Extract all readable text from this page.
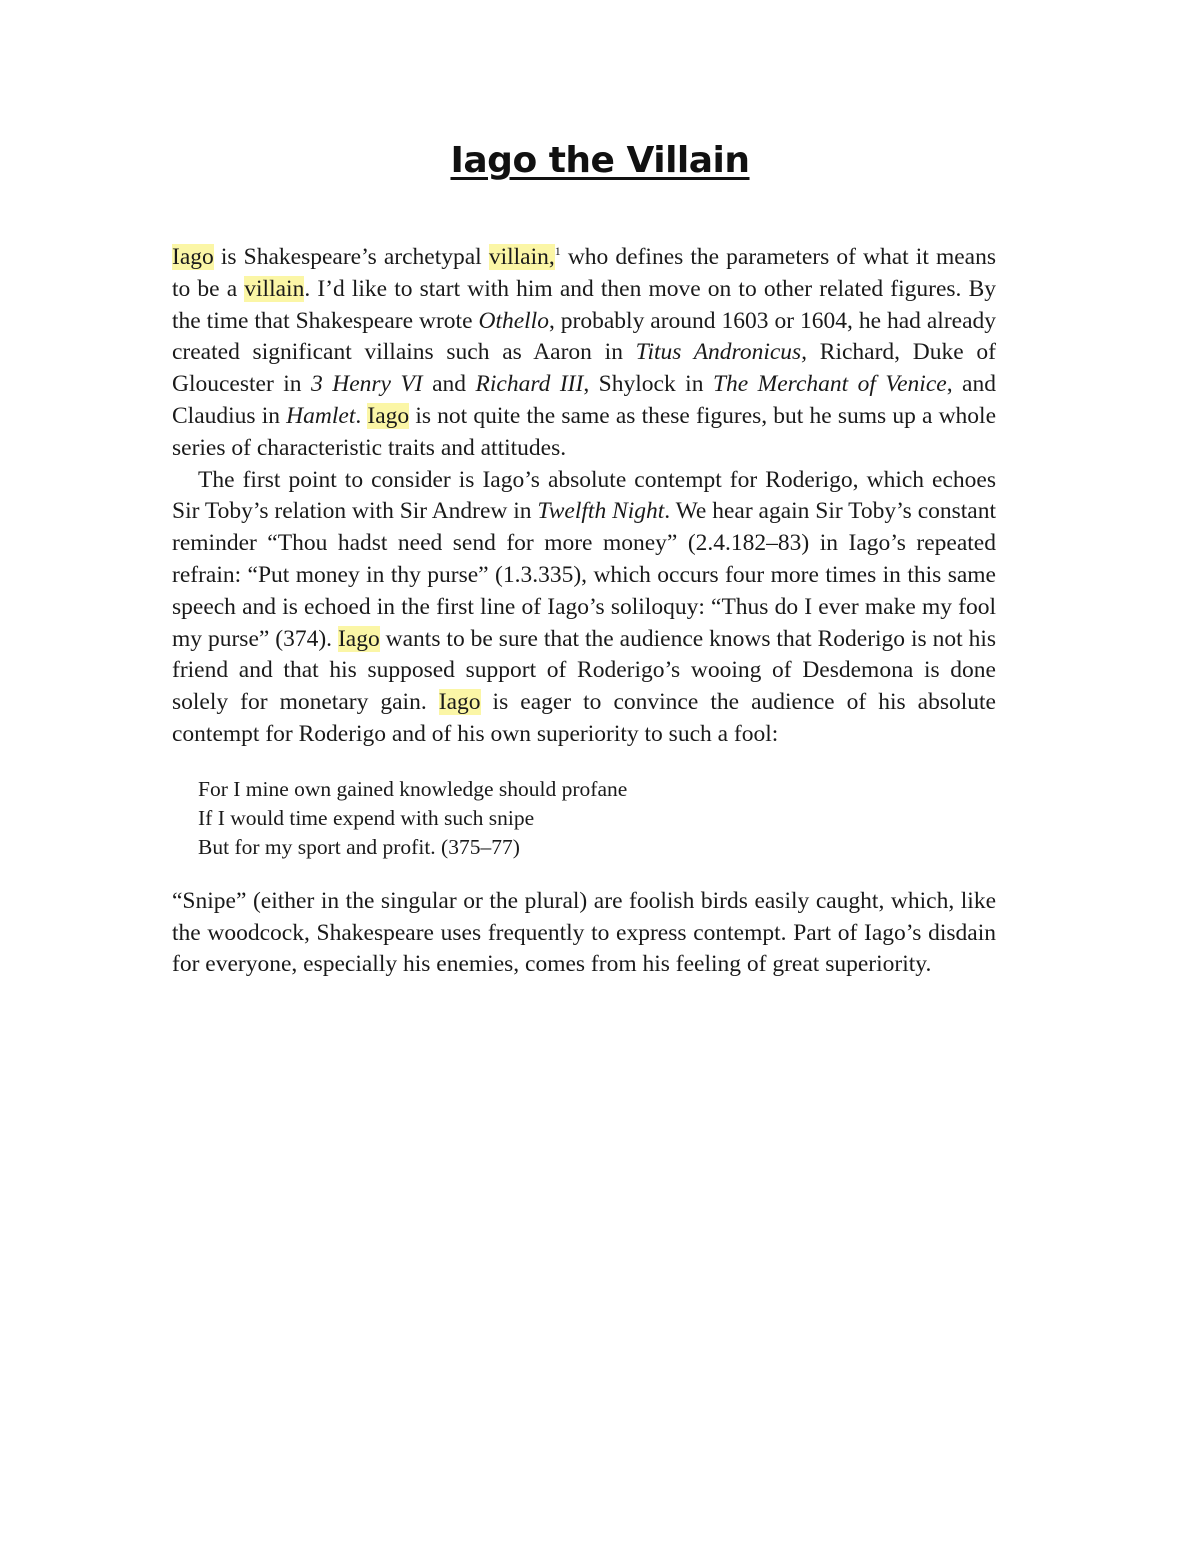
Iago the Villain

Iago is Shakespeare’s archetypal villain,$^1$ who defines the parameters of what it means to be a villain. I’d like to start with him and then move on to other related figures. By the time that Shakespeare wrote Othello, probably around 1603 or 1604, he had already created significant villains such as Aaron in Titus Andronicus, Richard, Duke of Gloucester in 3 Henry VI and Richard III, Shylock in The Merchant of Venice, and Claudius in Hamlet. Iago is not quite the same as these figures, but he sums up a whole series of characteristic traits and attitudes.

The first point to consider is Iago’s absolute contempt for Roderigo, which echoes Sir Toby’s relation with Sir Andrew in Twelfth Night. We hear again Sir Toby’s constant reminder “Thou hadst need send for more money” (2.4.182–83) in Iago’s repeated refrain: “Put money in thy purse” (1.3.335), which occurs four more times in this same speech and is echoed in the first line of Iago’s soliloquy: “Thus do I ever make my fool my purse” (374). Iago wants to be sure that the audience knows that Roderigo is not his friend and that his supposed support of Roderigo’s wooing of Desdemona is done solely for monetary gain. Iago is eager to convince the audience of his absolute contempt for Roderigo and of his own superiority to such a fool:

For I mine own gained knowledge should profane
If I would time expend with such snipe
But for my sport and profit. (375–77)

“Snipe” (either in the singular or the plural) are foolish birds easily caught, which, like the woodcock, Shakespeare uses frequently to express contempt. Part of Iago’s disdain for everyone, especially his enemies, comes from his feeling of great superiority.
